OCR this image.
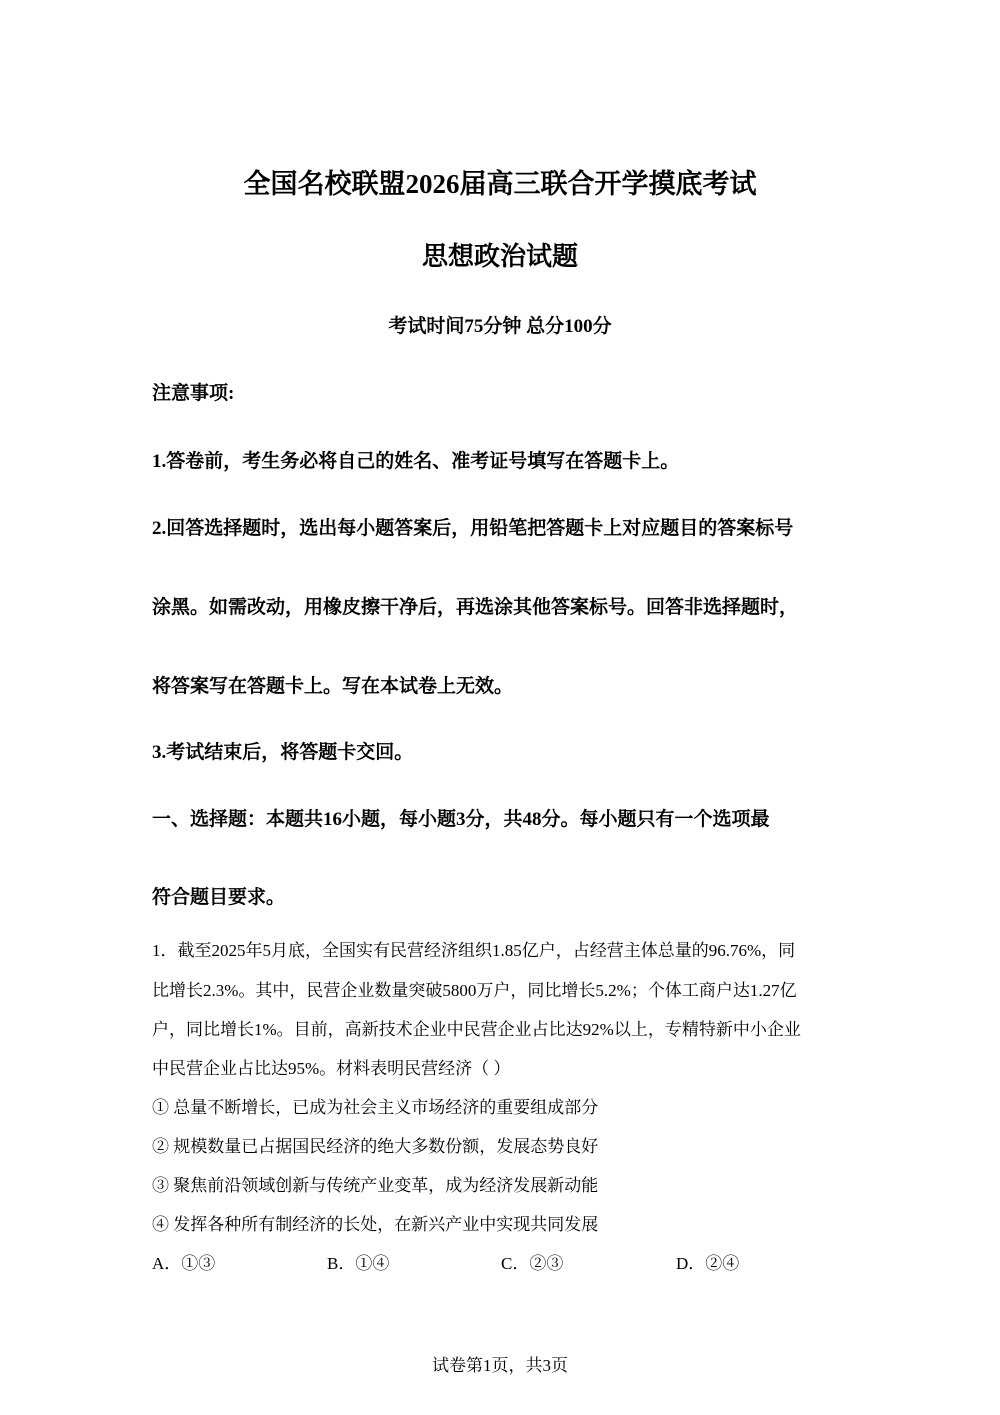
全国名校联盟2026届高三联合开学摸底考试
思想政治试题
考试时间75分钟 总分100分
注意事项:
1.答卷前，考生务必将自己的姓名、准考证号填写在答题卡上。
2.回答选择题时，选出每小题答案后，用铅笔把答题卡上对应题目的答案标号
涂黑。如需改动，用橡皮擦干净后，再选涂其他答案标号。回答非选择题时，
将答案写在答题卡上。写在本试卷上无效。
3.考试结束后，将答题卡交回。
一、选择题：本题共16小题，每小题3分，共48分。每小题只有一个选项最
符合题目要求。
1．截至2025年5月底，全国实有民营经济组织1.85亿户，占经营主体总量的96.76%，同
比增长2.3%。其中，民营企业数量突破5800万户，同比增长5.2%；个体工商户达1.27亿
户，同比增长1%。目前，高新技术企业中民营企业占比达92%以上，专精特新中小企业
中民营企业占比达95%。材料表明民营经济（ ）
① 总量不断增长，已成为社会主义市场经济的重要组成部分
② 规模数量已占据国民经济的绝大多数份额，发展态势良好
③ 聚焦前沿领域创新与传统产业变革，成为经济发展新动能
④ 发挥各种所有制经济的长处，在新兴产业中实现共同发展
A．①③	B．①④	C．②③	D．②④
试卷第1页，共3页
